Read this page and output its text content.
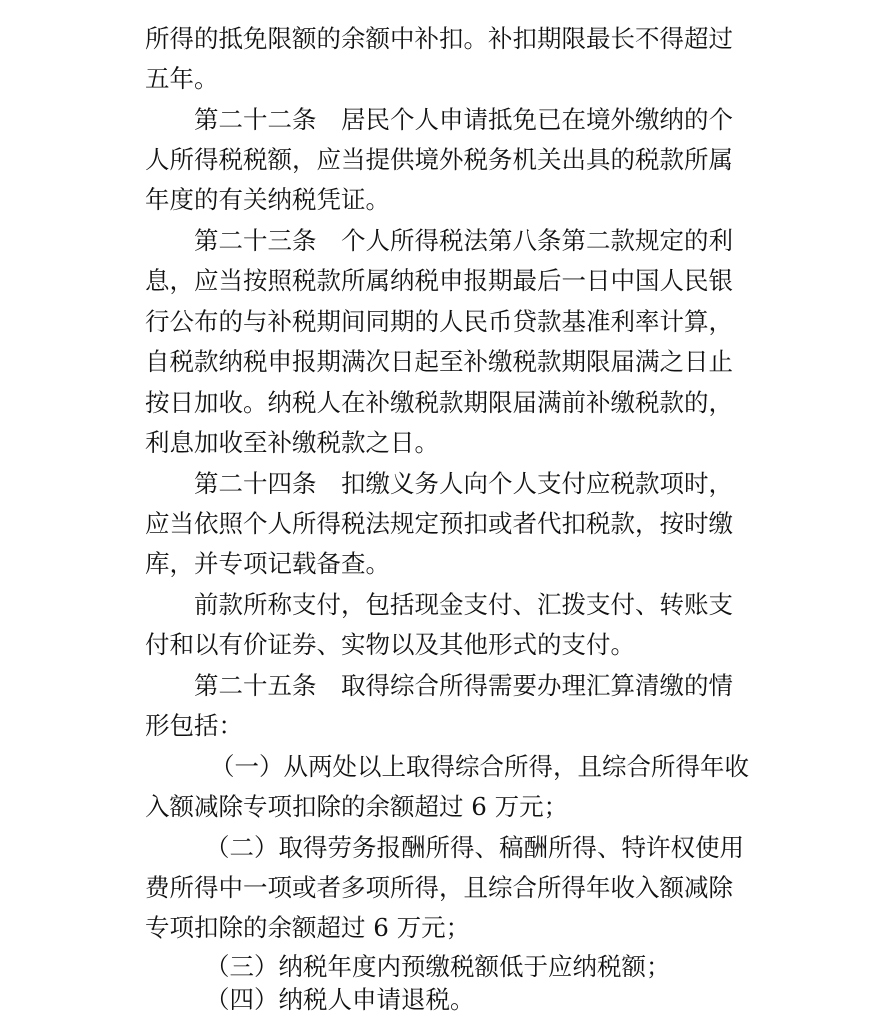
所得的抵免限额的余额中补扣。补扣期限最长不得超过

五年。

第二十二条　居民个人申请抵免已在境外缴纳的个

人所得税税额，应当提供境外税务机关出具的税款所属

年度的有关纳税凭证。

第二十三条　个人所得税法第八条第二款规定的利

息，应当按照税款所属纳税申报期最后一日中国人民银

行公布的与补税期间同期的人民币贷款基准利率计算，

自税款纳税申报期满次日起至补缴税款期限届满之日止

按日加收。纳税人在补缴税款期限届满前补缴税款的，

利息加收至补缴税款之日。

第二十四条　扣缴义务人向个人支付应税款项时，

应当依照个人所得税法规定预扣或者代扣税款，按时缴

库，并专项记载备查。

前款所称支付，包括现金支付、汇拨支付、转账支

付和以有价证券、实物以及其他形式的支付。

第二十五条　取得综合所得需要办理汇算清缴的情

形包括：

（一）从两处以上取得综合所得，且综合所得年收

入额减除专项扣除的余额超过 6 万元；

（二）取得劳务报酬所得、稿酬所得、特许权使用

费所得中一项或者多项所得，且综合所得年收入额减除

专项扣除的余额超过 6 万元；

（三）纳税年度内预缴税额低于应纳税额；

（四）纳税人申请退税。
